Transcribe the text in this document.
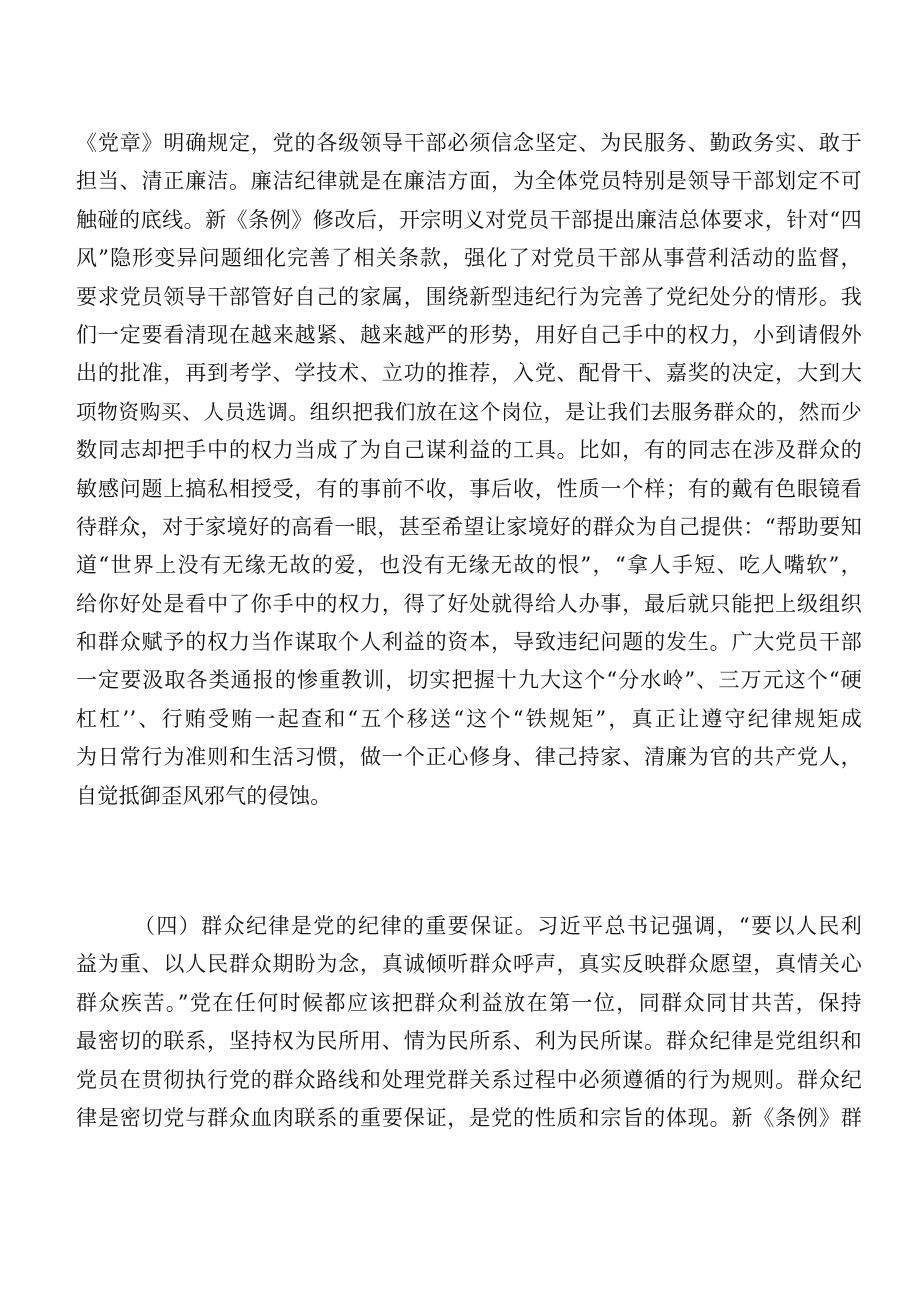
《党章》明确规定，党的各级领导干部必须信念坚定、为民服务、勤政务实、敢于
担当、清正廉洁。廉洁纪律就是在廉洁方面，为全体党员特别是领导干部划定不可
触碰的底线。新《条例》修改后，开宗明义对党员干部提出廉洁总体要求，针对“四
风”隐形变异问题细化完善了相关条款，强化了对党员干部从事营利活动的监督，
要求党员领导干部管好自己的家属，围绕新型违纪行为完善了党纪处分的情形。我
们一定要看清现在越来越紧、越来越严的形势，用好自己手中的权力，小到请假外
出的批准，再到考学、学技术、立功的推荐，入党、配骨干、嘉奖的决定，大到大
项物资购买、人员选调。组织把我们放在这个岗位，是让我们去服务群众的，然而少
数同志却把手中的权力当成了为自己谋利益的工具。比如，有的同志在涉及群众的
敏感问题上搞私相授受，有的事前不收，事后收，性质一个样；有的戴有色眼镜看
待群众，对于家境好的高看一眼，甚至希望让家境好的群众为自己提供：“帮助要知
道“世界上没有无缘无故的爱，也没有无缘无故的恨”，“拿人手短、吃人嘴软”，
给你好处是看中了你手中的权力，得了好处就得给人办事，最后就只能把上级组织
和群众赋予的权力当作谋取个人利益的资本，导致违纪问题的发生。广大党员干部
一定要汲取各类通报的惨重教训，切实把握十九大这个“分水岭”、三万元这个“硬
杠杠’’、行贿受贿一起查和“五个移送“这个“铁规矩”，真正让遵守纪律规矩成
为日常行为准则和生活习惯，做一个正心修身、律己持家、清廉为官的共产党人，
自觉抵御歪风邪气的侵蚀。
（四）群众纪律是党的纪律的重要保证。习近平总书记强调，“要以人民利
益为重、以人民群众期盼为念，真诚倾听群众呼声，真实反映群众愿望，真情关心
群众疾苦。”党在任何时候都应该把群众利益放在第一位，同群众同甘共苦，保持
最密切的联系，坚持权为民所用、情为民所系、利为民所谋。群众纪律是党组织和
党员在贯彻执行党的群众路线和处理党群关系过程中必须遵循的行为规则。群众纪
律是密切党与群众血肉联系的重要保证，是党的性质和宗旨的体现。新《条例》群
